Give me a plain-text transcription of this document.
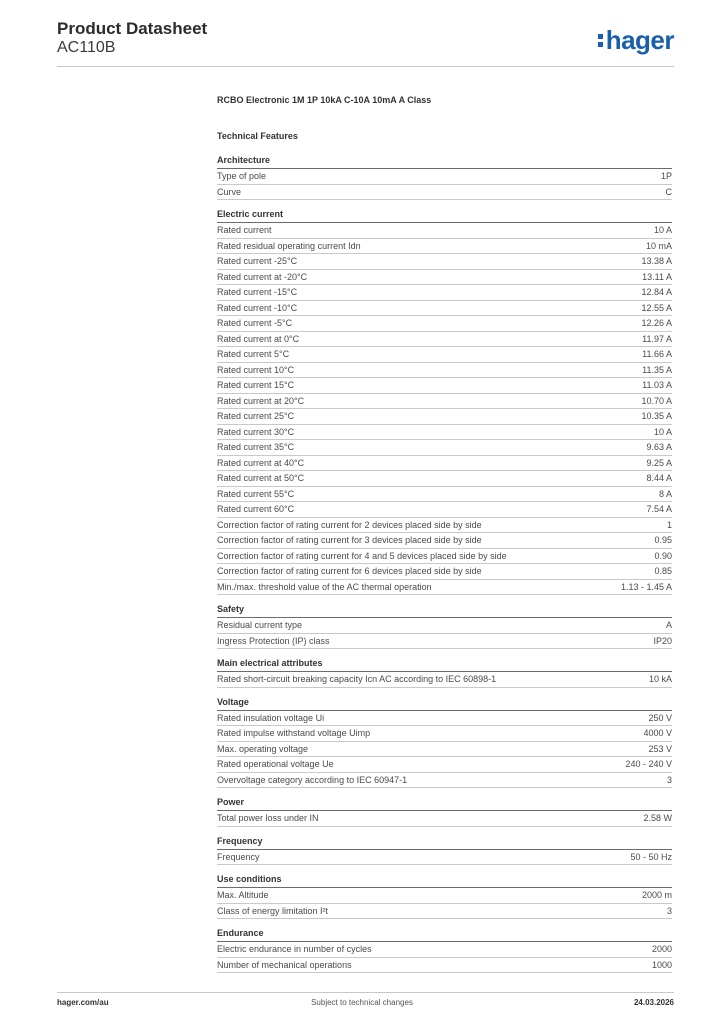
Product Datasheet
AC110B	hager
RCBO Electronic 1M 1P 10kA C-10A 10mA A Class
Technical Features
Architecture
Type of pole	1P
Curve	C
Electric current
Rated current	10 A
Rated residual operating current Idn	10 mA
Rated current -25°C	13.38 A
Rated current at -20°C	13.11 A
Rated current -15°C	12.84 A
Rated current -10°C	12.55 A
Rated current -5°C	12.26 A
Rated current at 0°C	11.97 A
Rated current 5°C	11.66 A
Rated current 10°C	11.35 A
Rated current 15°C	11.03 A
Rated current at 20°C	10.70 A
Rated current 25°C	10.35 A
Rated current 30°C	10 A
Rated current 35°C	9.63 A
Rated current at 40°C	9.25 A
Rated current at 50°C	8.44 A
Rated current 55°C	8 A
Rated current 60°C	7.54 A
Correction factor of rating current for 2 devices placed side by side	1
Correction factor of rating current for 3 devices placed side by side	0.95
Correction factor of rating current for 4 and 5 devices placed side by side	0.90
Correction factor of rating current for 6 devices placed side by side	0.85
Min./max. threshold value of the AC thermal operation	1.13 - 1.45 A
Safety
Residual current type	A
Ingress Protection (IP) class	IP20
Main electrical attributes
Rated short-circuit breaking capacity Icn AC according to IEC 60898-1	10 kA
Voltage
Rated insulation voltage Ui	250 V
Rated impulse withstand voltage Uimp	4000 V
Max. operating voltage	253 V
Rated operational voltage Ue	240 - 240 V
Overvoltage category according to IEC 60947-1	3
Power
Total power loss under IN	2.58 W
Frequency
Frequency	50 - 50 Hz
Use conditions
Max. Altitude	2000 m
Class of energy limitation I²t	3
Endurance
Electric endurance in number of cycles	2000
Number of mechanical operations	1000
hager.com/au	Subject to technical changes	24.03.2026
